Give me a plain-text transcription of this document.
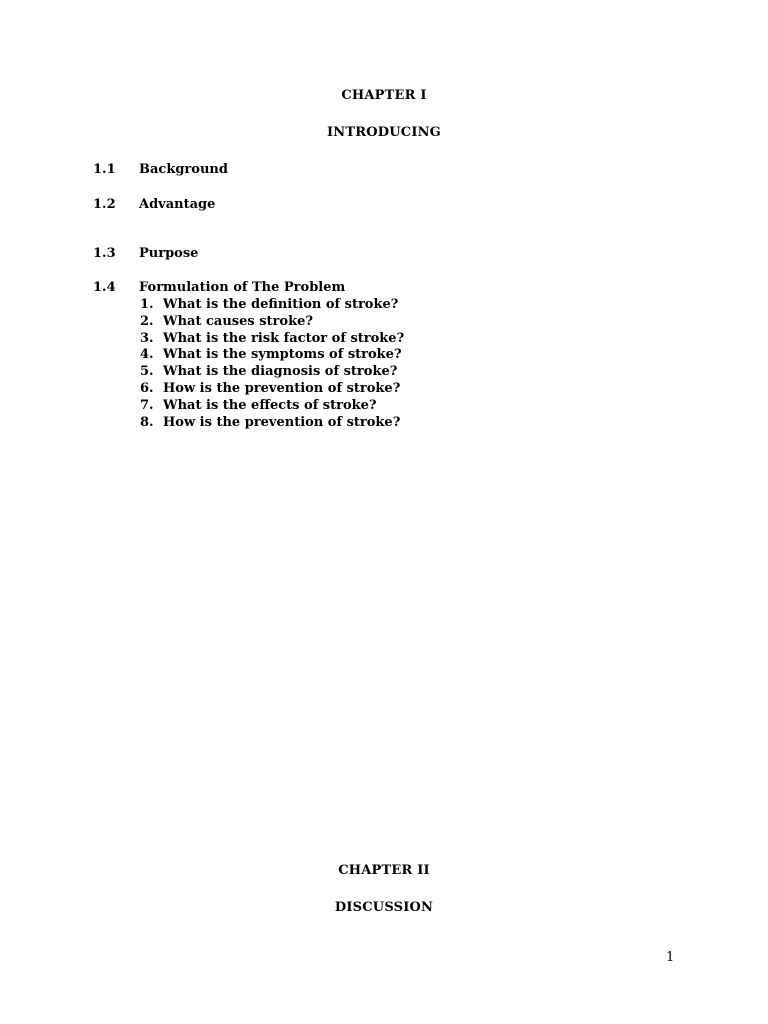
CHAPTER I
INTRODUCING
1.1 Background
1.2 Advantage
1.3 Purpose
1.4 Formulation of The Problem
1. What is the definition of stroke?
2. What causes stroke?
3. What is the risk factor of stroke?
4. What is the symptoms of stroke?
5. What is the diagnosis of stroke?
6. How is the prevention of stroke?
7. What is the effects of stroke?
8. How is the prevention of stroke?
CHAPTER II
DISCUSSION
1
